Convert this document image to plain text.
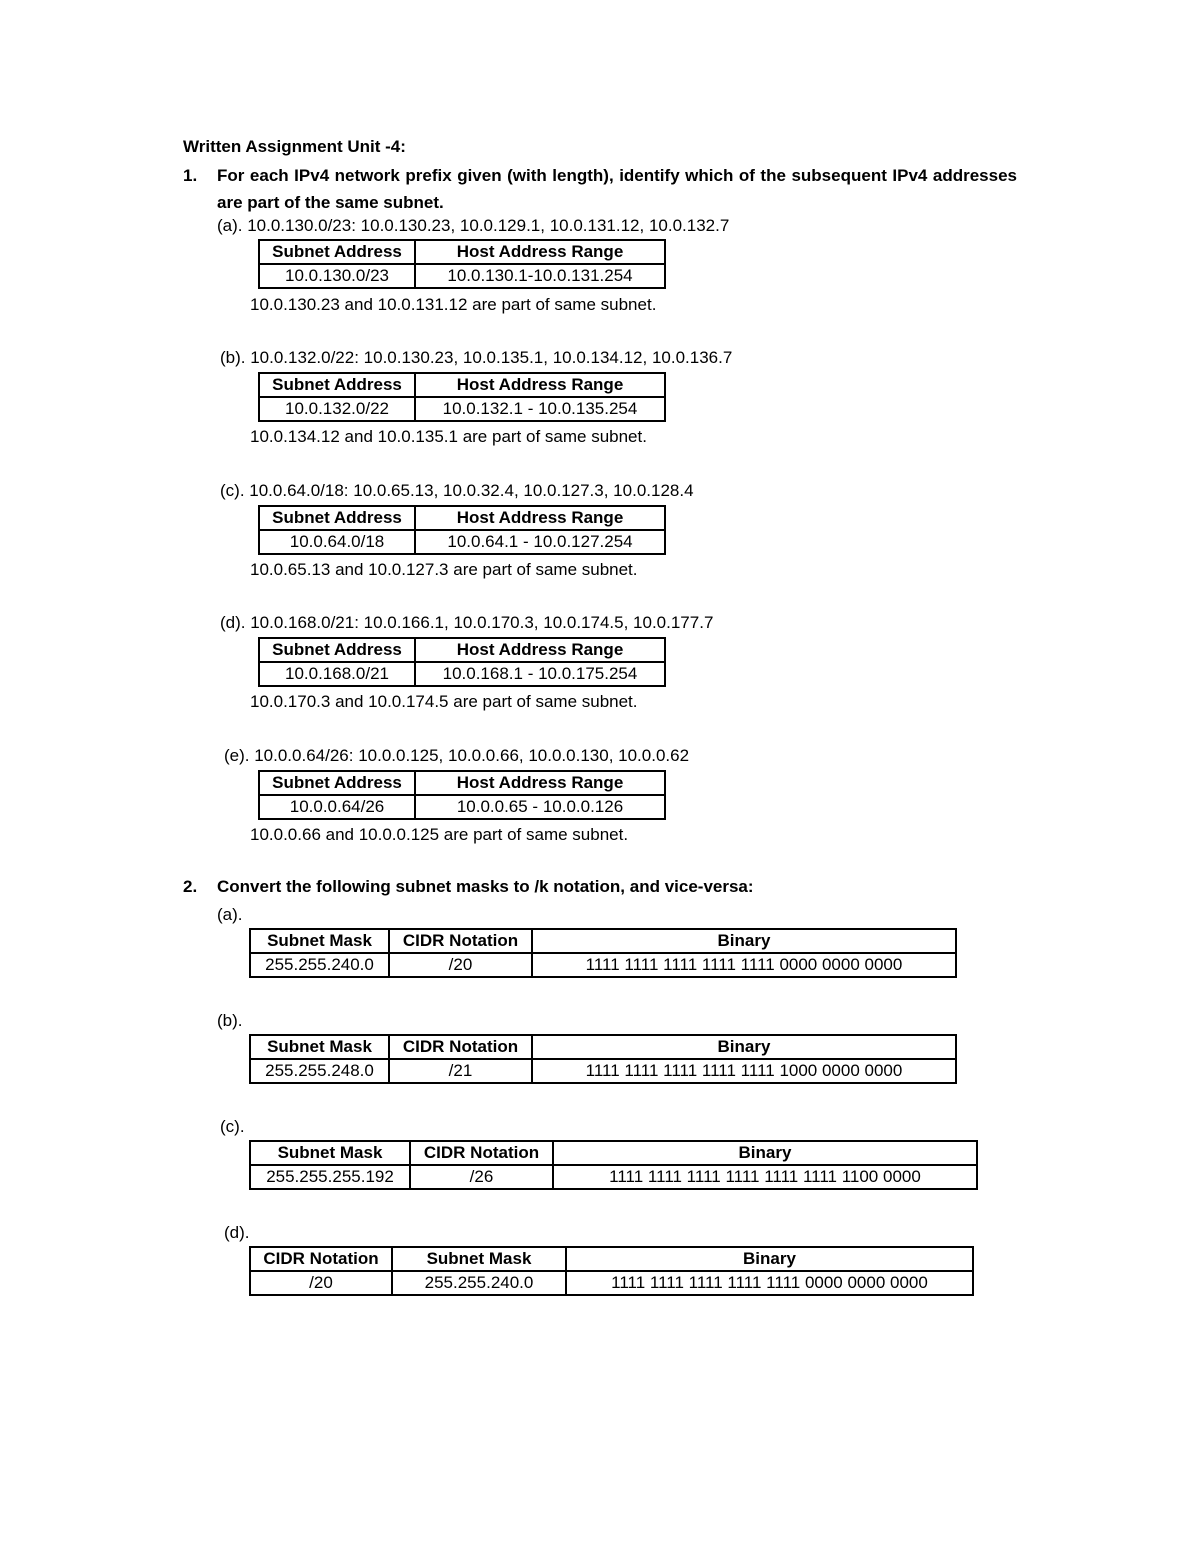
Written Assignment Unit -4:
1. For each IPv4 network prefix given (with length), identify which of the subsequent IPv4 addresses are part of the same subnet.
(a). 10.0.130.0/23: 10.0.130.23, 10.0.129.1, 10.0.131.12, 10.0.132.7
Subnet Address	Host Address Range
10.0.130.0/23	10.0.130.1-10.0.131.254
10.0.130.23 and 10.0.131.12 are part of same subnet.
(b). 10.0.132.0/22: 10.0.130.23, 10.0.135.1, 10.0.134.12, 10.0.136.7
Subnet Address	Host Address Range
10.0.132.0/22	10.0.132.1 - 10.0.135.254
10.0.134.12 and 10.0.135.1 are part of same subnet.
(c). 10.0.64.0/18: 10.0.65.13, 10.0.32.4, 10.0.127.3, 10.0.128.4
Subnet Address	Host Address Range
10.0.64.0/18	10.0.64.1 - 10.0.127.254
10.0.65.13 and 10.0.127.3 are part of same subnet.
(d). 10.0.168.0/21: 10.0.166.1, 10.0.170.3, 10.0.174.5, 10.0.177.7
Subnet Address	Host Address Range
10.0.168.0/21	10.0.168.1 - 10.0.175.254
10.0.170.3 and 10.0.174.5 are part of same subnet.
(e). 10.0.0.64/26: 10.0.0.125, 10.0.0.66, 10.0.0.130, 10.0.0.62
Subnet Address	Host Address Range
10.0.0.64/26	10.0.0.65 - 10.0.0.126
10.0.0.66 and 10.0.0.125 are part of same subnet.
2. Convert the following subnet masks to /k notation, and vice-versa:
(a).
Subnet Mask	CIDR Notation	Binary
255.255.240.0	/20	1111 1111 1111 1111 1111 0000 0000 0000
(b).
Subnet Mask	CIDR Notation	Binary
255.255.248.0	/21	1111 1111 1111 1111 1111 1000 0000 0000
(c).
Subnet Mask	CIDR Notation	Binary
255.255.255.192	/26	1111 1111 1111 1111 1111 1111 1100 0000
(d).
CIDR Notation	Subnet Mask	Binary
/20	255.255.240.0	1111 1111 1111 1111 1111 0000 0000 0000
